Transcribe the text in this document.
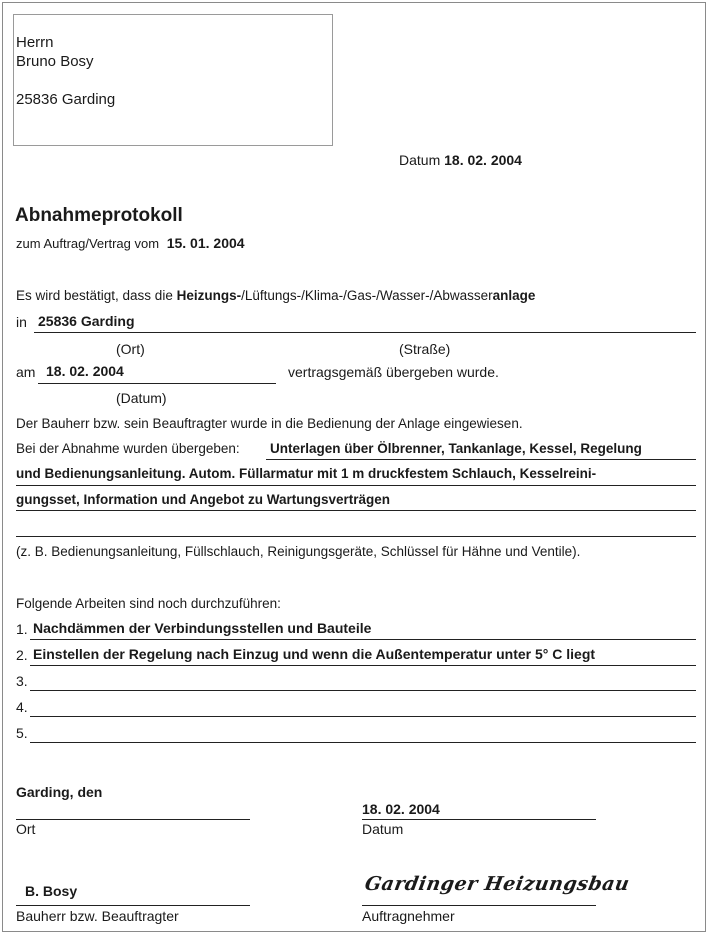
Herrn
Bruno Bosy
25836 Garding
Datum 18. 02. 2004
Abnahmeprotokoll
zum Auftrag/Vertrag vom 15. 01. 2004
Es wird bestätigt, dass die Heizungs-/Lüftungs-/Klima-/Gas-/Wasser-/Abwasseranlage
in 25836 Garding
(Ort)	(Straße)
am 18. 02. 2004	vertragsgemäß übergeben wurde.
(Datum)
Der Bauherr bzw. sein Beauftragter wurde in die Bedienung der Anlage eingewiesen.
Bei der Abnahme wurden übergeben: Unterlagen über Ölbrenner, Tankanlage, Kessel, Regelung
und Bedienungsanleitung. Autom. Füllarmatur mit 1 m druckfestem Schlauch, Kesselreini-
gungsset, Information und Angebot zu Wartungsverträgen
(z. B. Bedienungsanleitung, Füllschlauch, Reinigungsgeräte, Schlüssel für Hähne und Ventile).
Folgende Arbeiten sind noch durchzuführen:
1. Nachdämmen der Verbindungsstellen und Bauteile
2. Einstellen der Regelung nach Einzug und wenn die Außentemperatur unter 5° C liegt
3.
4.
5.
Garding, den
Ort
18. 02. 2004
Datum
B. Bosy
Bauherr bzw. Beauftragter
Gardinger Heizungsbau
Auftragnehmer
